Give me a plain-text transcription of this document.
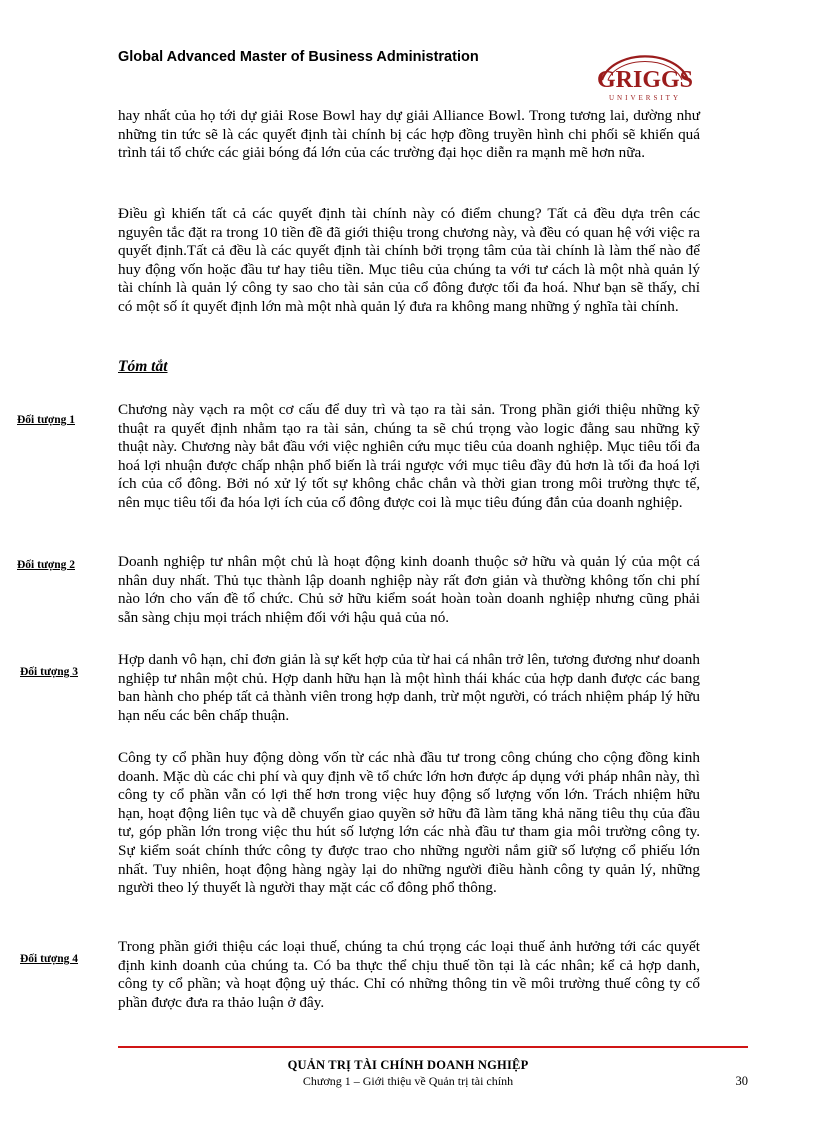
Global Advanced Master of Business Administration
GRIGGS
UNIVERSITY

hay nhất của họ tới dự giải Rose Bowl hay dự giải Alliance Bowl. Trong tương lai, dường như những tin tức sẽ là các quyết định tài chính bị các hợp đồng truyền hình chi phối sẽ khiến quá trình tái tổ chức các giải bóng đá lớn của các trường đại học diễn ra mạnh mẽ hơn nữa.

Điều gì khiến tất cả các quyết định tài chính này có điểm chung? Tất cả đều dựa trên các nguyên tắc đặt ra trong 10 tiền đề đã giới thiệu trong chương này, và đều có quan hệ với việc ra quyết định.Tất cả đều là các quyết định tài chính bởi trọng tâm của tài chính là làm thế nào để huy động vốn hoặc đầu tư hay tiêu tiền. Mục tiêu của chúng ta với tư cách là một nhà quản lý tài chính là quản lý công ty sao cho tài sản của cổ đông được tối đa hoá. Như bạn sẽ thấy, chỉ có một số ít quyết định lớn mà một nhà quản lý đưa ra không mang những ý nghĩa tài chính.

Tóm tắt
Đối tượng 1

Chương này vạch ra một cơ cấu để duy trì và tạo ra tài sản. Trong phần giới thiệu những kỹ thuật ra quyết định nhằm tạo ra tài sản, chúng ta sẽ chú trọng vào logic đằng sau những kỹ thuật này. Chương này bắt đầu với việc nghiên cứu mục tiêu của doanh nghiệp. Mục tiêu tối đa hoá lợi nhuận được chấp nhận phổ biến là trái ngược với mục tiêu đầy đủ hơn là tối đa hoá lợi ích của cổ đông. Bởi nó xử lý tốt sự không chắc chắn và thời gian trong môi trường thực tế, nên mục tiêu tối đa hóa lợi ích của cổ đông được coi là mục tiêu đúng đắn của doanh nghiệp.

Đối tượng 2	Doanh nghiệp tư nhân một chủ là hoạt động kinh doanh thuộc sở hữu và quản lý của một cá nhân duy nhất. Thủ tục thành lập doanh nghiệp này rất đơn giản và thường không tốn chi phí nào lớn cho vấn đề tổ chức. Chủ sở hữu kiểm soát hoàn toàn doanh nghiệp nhưng cũng phải sẵn sàng chịu mọi trách nhiệm đối với hậu quả của nó.

Đối tượng 3

Hợp danh vô hạn, chỉ đơn giản là sự kết hợp của từ hai cá nhân trở lên, tương đương như doanh nghiệp tư nhân một chủ. Hợp danh hữu hạn là một hình thái khác của hợp danh được các bang ban hành cho phép tất cả thành viên trong hợp danh, trừ một người, có trách nhiệm pháp lý hữu hạn nếu các bên chấp thuận.

Công ty cổ phần huy động dòng vốn từ các nhà đầu tư trong công chúng cho cộng đồng kinh doanh. Mặc dù các chi phí và quy định về tổ chức lớn hơn được áp dụng với pháp nhân này, thì công ty cổ phần vẫn có lợi thế hơn trong việc huy động số lượng vốn lớn. Trách nhiệm hữu hạn, hoạt động liên tục và dễ chuyển giao quyền sở hữu đã làm tăng khả năng tiêu thụ của đầu tư, góp phần lớn trong việc thu hút số lượng lớn các nhà đầu tư tham gia môi trường công ty. Sự kiểm soát chính thức công ty được trao cho những người nắm giữ số lượng cổ phiếu lớn nhất. Tuy nhiên, hoạt động hàng ngày lại do những người điều hành công ty quản lý, những người theo lý thuyết là người thay mặt các cổ đông phổ thông.

Đối tượng 4

Trong phần giới thiệu các loại thuế, chúng ta chú trọng các loại thuế ảnh hưởng tới các quyết định kinh doanh của chúng ta. Có ba thực thể chịu thuế tồn tại là các nhân; kể cả hợp danh, công ty cổ phần; và hoạt động uỷ thác. Chỉ có những thông tin về môi trường thuế công ty cổ phần được đưa ra thảo luận ở đây.

QUẢN TRỊ TÀI CHÍNH DOANH NGHIỆP
Chương 1 – Giới thiệu về Quản trị tài chính	30
